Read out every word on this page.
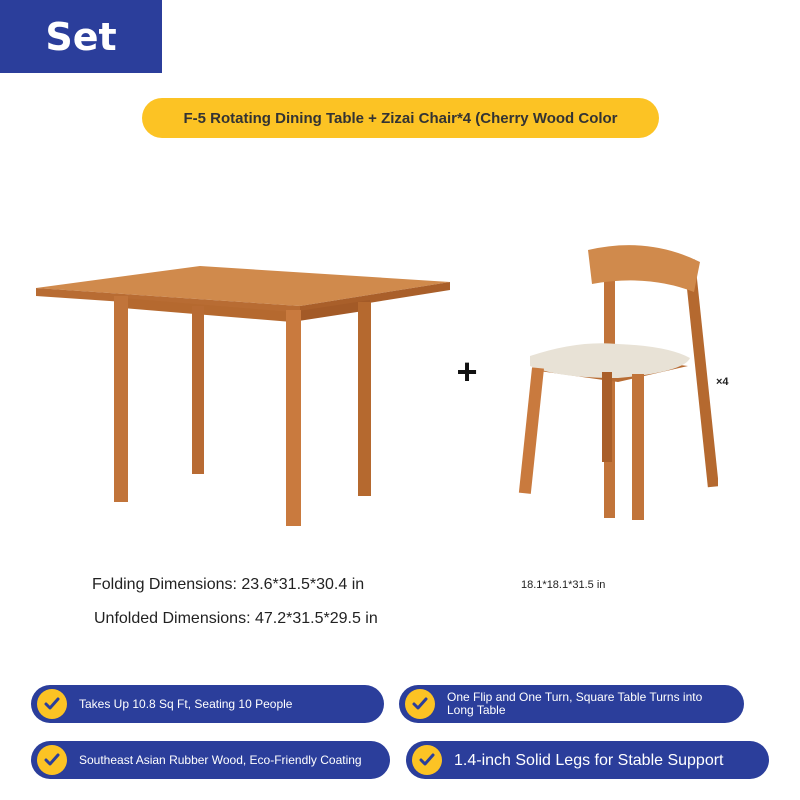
Set
F-5 Rotating Dining Table + Zizai Chair*4 (Cherry Wood Color
+	×4
Folding Dimensions: 23.6*31.5*30.4 in
Unfolded Dimensions: 47.2*31.5*29.5 in
18.1*18.1*31.5 in
Takes Up 10.8 Sq Ft, Seating 10 People	One Flip and One Turn, Square Table Turns into Long Table
Southeast Asian Rubber Wood, Eco-Friendly Coating	1.4-inch Solid Legs for Stable Support
